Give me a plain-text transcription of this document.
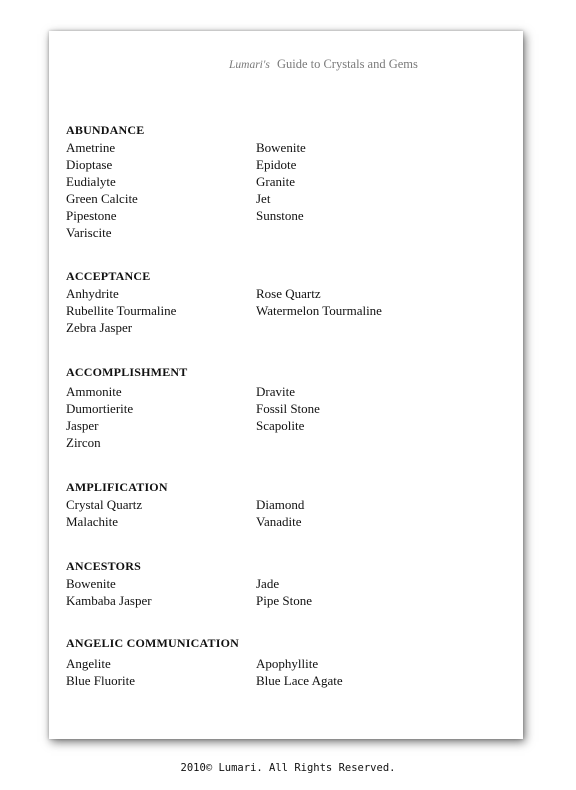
Lumari's Guide to Crystals and Gems
ABUNDANCE
Ametrine	Bowenite
Dioptase	Epidote
Eudialyte	Granite
Green Calcite	Jet
Pipestone	Sunstone
Variscite
ACCEPTANCE
Anhydrite	Rose Quartz
Rubellite Tourmaline	Watermelon Tourmaline
Zebra Jasper
ACCOMPLISHMENT
Ammonite	Dravite
Dumortierite	Fossil Stone
Jasper	Scapolite
Zircon
AMPLIFICATION
Crystal Quartz	Diamond
Malachite	Vanadite
ANCESTORS
Bowenite	Jade
Kambaba Jasper	Pipe Stone
ANGELIC COMMUNICATION
Angelite	Apophyllite
Blue Fluorite	Blue Lace Agate
2010© Lumari. All Rights Reserved.
